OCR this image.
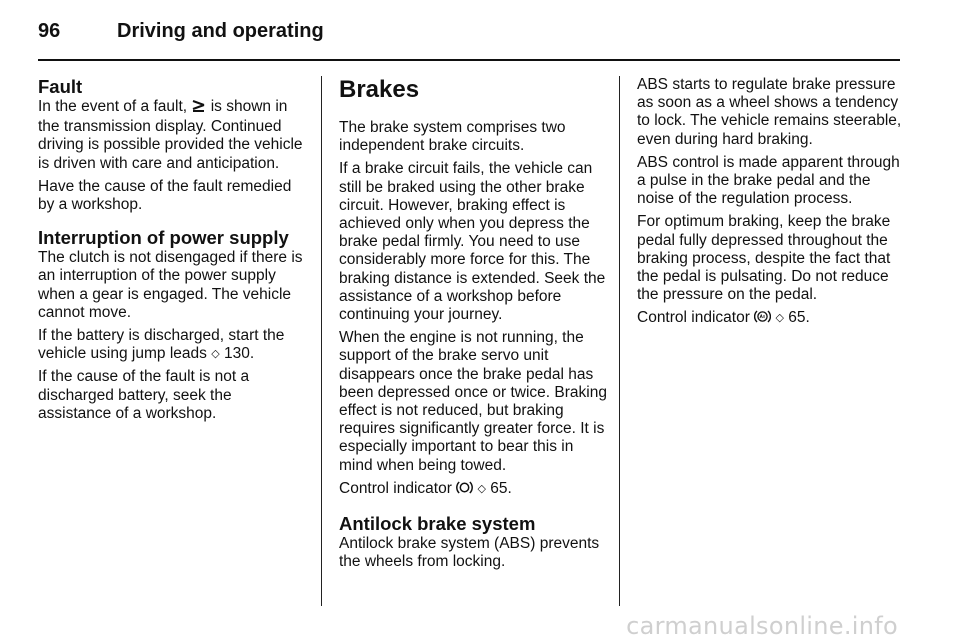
96	Driving and operating
Fault

In the event of a fault, is shown in the transmission display. Continued driving is possible provided the vehicle is driven with care and anticipation.

Have the cause of the fault remedied by a workshop.

Interruption of power supply

The clutch is not disengaged if there is an interruption of the power supply when a gear is engaged. The vehicle cannot move.

If the battery is discharged, start the vehicle using jump leads ◇ 130.

If the cause of the fault is not a discharged battery, seek the assistance of a workshop.

Brakes

The brake system comprises two independent brake circuits.

If a brake circuit fails, the vehicle can still be braked using the other brake circuit. However, braking effect is achieved only when you depress the brake pedal firmly. You need to use considerably more force for this. The braking distance is extended. Seek the assistance of a workshop before continuing your journey.

When the engine is not running, the support of the brake servo unit disappears once the brake pedal has been depressed once or twice. Braking effect is not reduced, but braking requires significantly greater force. It is especially important to bear this in mind when being towed.

Control indicator ◇ 65.

Antilock brake system

Antilock brake system (ABS) prevents the wheels from locking.

ABS starts to regulate brake pressure as soon as a wheel shows a tendency to lock. The vehicle remains steerable, even during hard braking.

ABS control is made apparent through a pulse in the brake pedal and the noise of the regulation process.

For optimum braking, keep the brake pedal fully depressed throughout the braking process, despite the fact that the pedal is pulsating. Do not reduce the pressure on the pedal.

Control indicator ◇ 65.

carmanualsonline.info
